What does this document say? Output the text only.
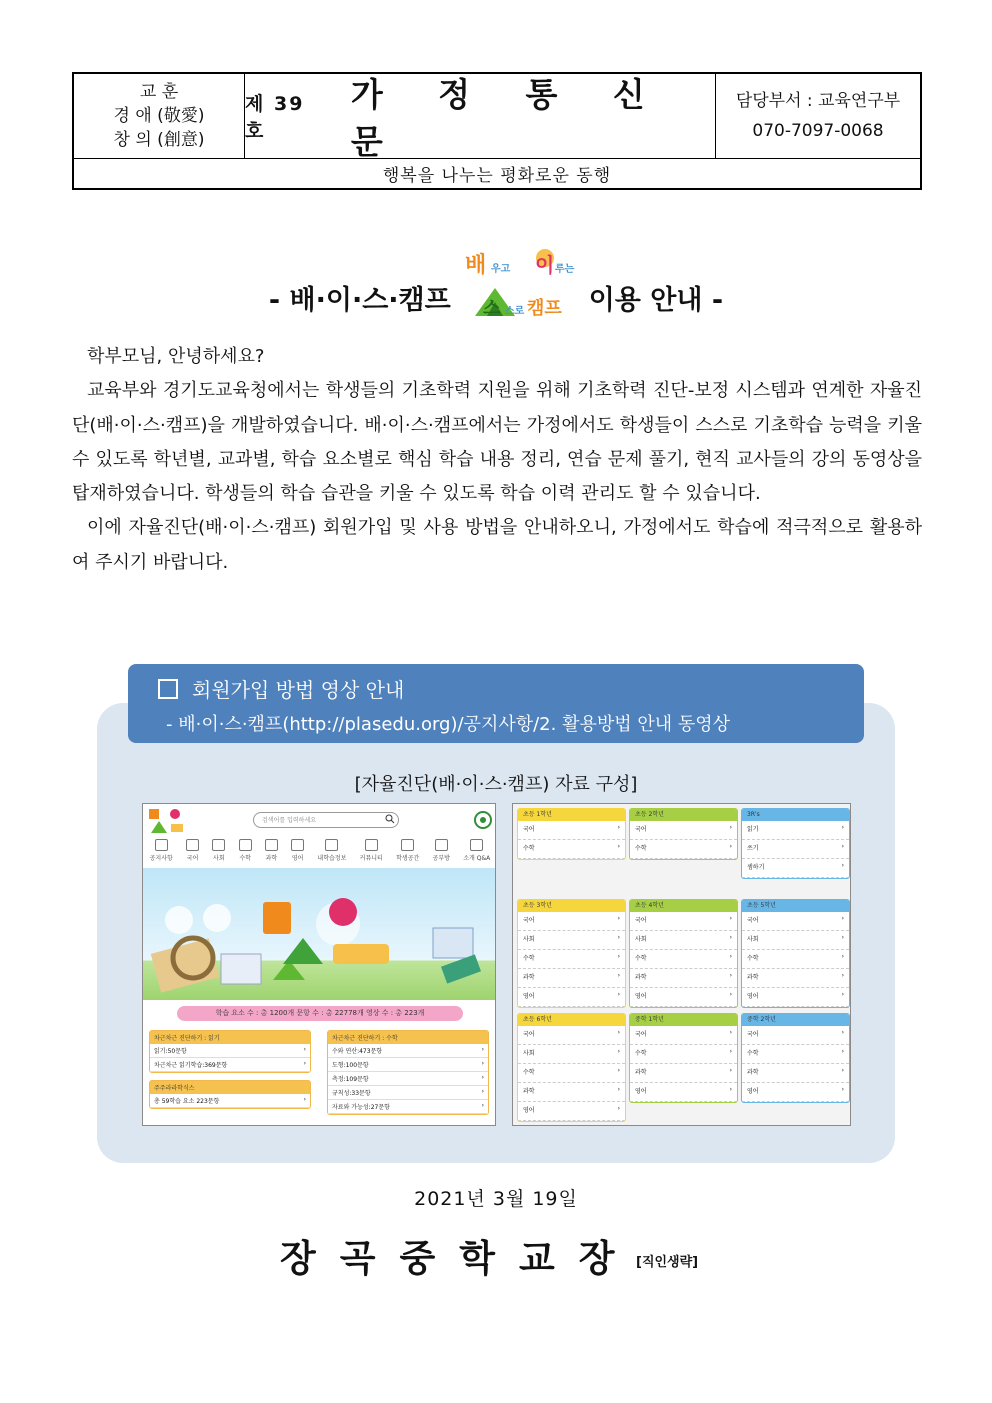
교 훈
경 애 (敬愛)
창 의 (創意)
제 39 호
가 정 통 신 문
담당부서 : 교육연구부
070-7097-0068
행복을 나누는 평화로운 동행
- 배·이·스·캠프
배 우고 이 루는
스 스로 캠프 이용 안내 -

학부모님, 안녕하세요?

교육부와 경기도교육청에서는 학생들의 기초학력 지원을 위해 기초학력 진단-보정 시스템과 연계한 자율진단(배·이·스·캠프)을 개발하였습니다. 배·이·스·캠프에서는 가정에서도 학생들이 스스로 기초학습 능력을 키울 수 있도록 학년별, 교과별, 학습 요소별로 핵심 학습 내용 정리, 연습 문제 풀기, 현직 교사들의 강의 동영상을 탑재하였습니다. 학생들의 학습 습관을 키울 수 있도록 학습 이력 관리도 할 수 있습니다.

이에 자율진단(배·이·스·캠프) 회원가입 및 사용 방법을 안내하오니, 가정에서도 학습에 적극적으로 활용하여 주시기 바랍니다.

회원가입 방법 영상 안내
- 배·이·스·캠프(http://plasedu.org)/공지사항/2. 활용방법 안내 동영상
[자율진단(배·이·스·캠프) 자료 구성]
검색어를 입력하세요
공지사항 국어 사회 수학 과학 영어 내학습정보 커뮤니티 학생공간 공부방 소개 Q&A
학습 요소 수 : 총 1200개 문항 수 : 총 22778개 영상 수 : 총 223개
차근차근 진단하기 : 읽기
읽기:50문항	›
차근차근 읽기학습:369문항	›
주주라라학식스
총 59학습 요소 223문항	›
차근차근 진단하기 : 수학
수와 연산:473문항	›
도형:100문항	›
측정:109문항	›
규칙성:33문항	›
자료와 가능성:27문항	›
초등 1학년
국어	›
수학	›
초등 2학년
국어	›
수학	›
3R's
읽기	›
쓰기	›
셈하기	›
초등 3학년
국어	›
사회	›
수학	›
과학	›
영어	›
초등 4학년
국어	›
사회	›
수학	›
과학	›
영어	›
초등 5학년
국어	›
사회	›
수학	›
과학	›
영어	›
초등 6학년
국어	›
사회	›
수학	›
과학	›
영어	›
중학 1학년
국어	›
수학	›
과학	›
영어	›
중학 2학년
국어	›
수학	›
과학	›
영어	›
2021년 3월 19일
장곡중학교장
[직인생략]
